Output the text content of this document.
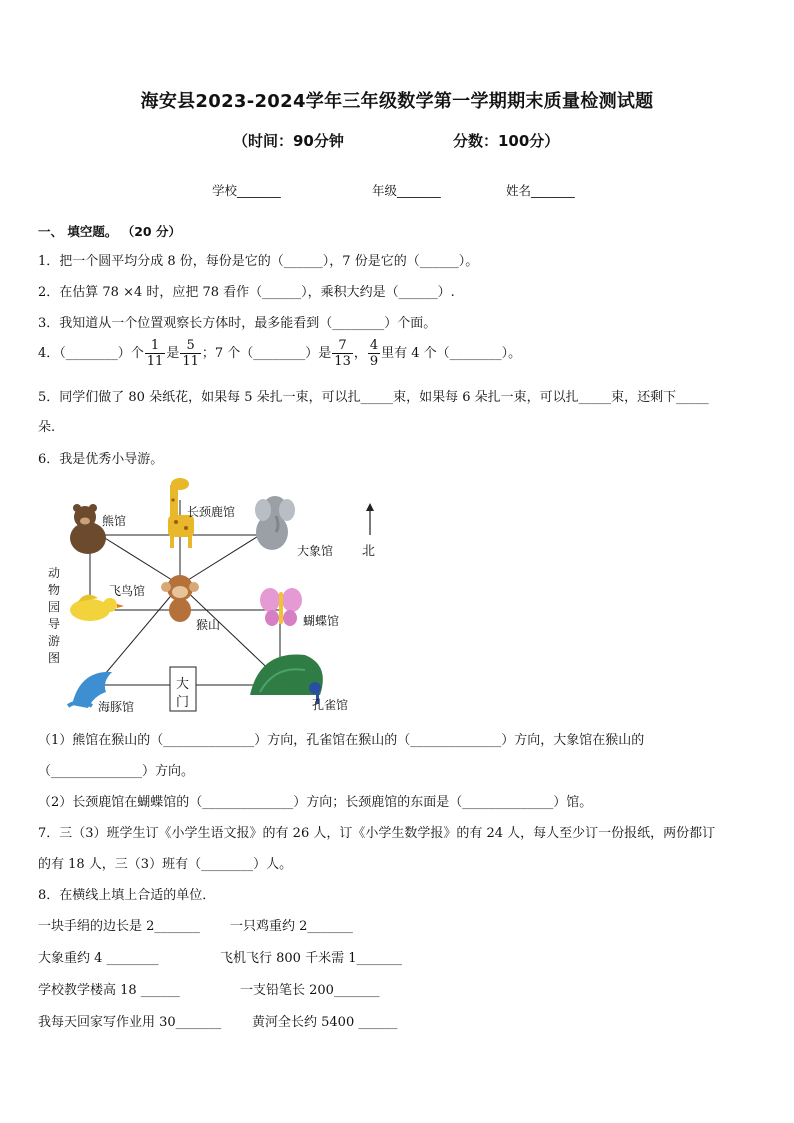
海安县2023-2024学年三年级数学第一学期期末质量检测试题
（时间：90分钟	分数：100分）
学校_______	年级_______	姓名_______
一、 填空题。 （20 分）
1．把一个圆平均分成 8 份，每份是它的（______），7 份是它的（______）。
2．在估算 78 ×4 时，应把 78 看作（______），乘积大约是（______）.
3．我知道从一个位置观察长方体时，最多能看到（________）个面。
4．（________）个 $\frac{1}{11}$ 是 $\frac{5}{11}$ ；7 个（________）是 $\frac{7}{13}$ ， $\frac{4}{9}$ 里有 4 个（________）。
5．同学们做了 80 朵纸花，如果每 5 朵扎一束，可以扎_____束，如果每 6 朵扎一束，可以扎_____束，还剩下_____
朵.
6．我是优秀小导游。
熊馆
长颈鹿馆
大象馆 北
飞鸟馆
蝴蝶馆
猴山
海豚馆	孔雀馆
大
门
动
物
园
导
游
图
（1）熊馆在猴山的（______________）方向，孔雀馆在猴山的（______________）方向，大象馆在猴山的
（______________）方向。
（2）长颈鹿馆在蝴蝶馆的（______________）方向；长颈鹿馆的东面是（______________）馆。
7．三（3）班学生订《小学生语文报》的有 26 人，订《小学生数学报》的有 24 人，每人至少订一份报纸，两份都订
的有 18 人，三（3）班有（________）人。
8．在横线上填上合适的单位．
一块手绢的边长是 2_______ 一只鸡重约 2_______
大象重约 4 ________	飞机飞行 800 千米需 1_______
学校教学楼高 18 ______	一支铅笔长 200_______
我每天回家写作业用 30_______ 黄河全长约 5400 ______
